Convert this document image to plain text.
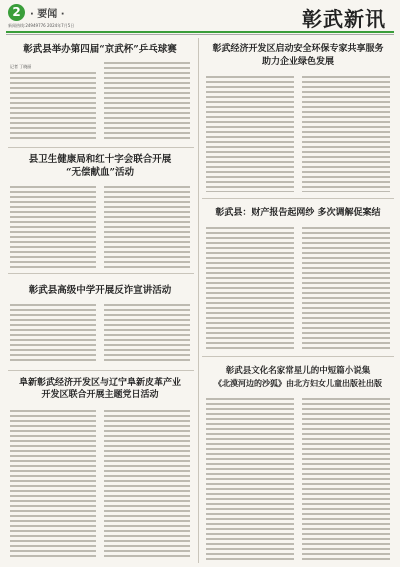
2 · 要闻 ·
新闻热线:24949776 2024年7月5日	彰武新讯
彰武县举办第四届“京武杯”乒乓球赛
记者 丁晓丽
县卫生健康局和红十字会联合开展
“无偿献血”活动
彰武县高级中学开展反诈宣讲活动
阜新彰武经济开发区与辽宁阜新皮革产业
开发区联合开展主题党日活动
彰武经济开发区启动安全环保专家共享服务
助力企业绿色发展
彰武县：财产报告起网纱 多次调解促案结
彰武县文化名家常星儿的中短篇小说集
《北漠河边的沙狐》由北方妇女儿童出版社出版
